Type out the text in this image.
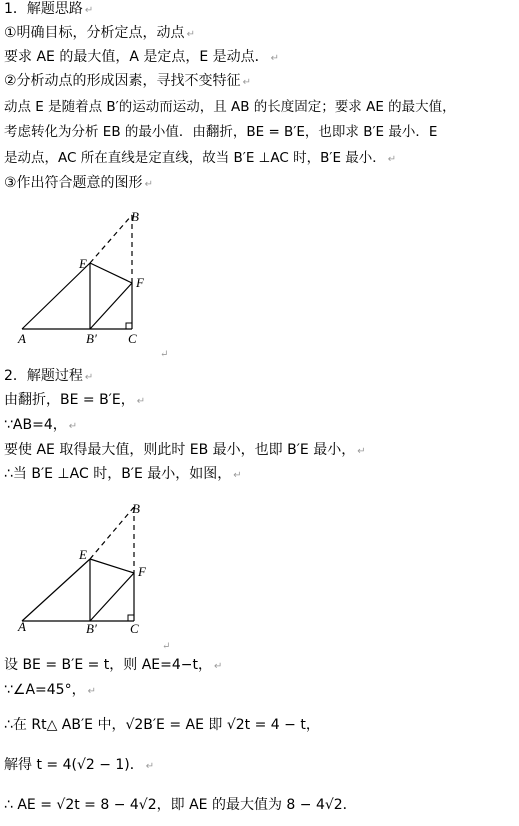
1．解题思路 ↵
①明确目标，分析定点，动点 ↵
要求 AE 的最大值，A 是定点，E 是动点． ↵
②分析动点的形成因素，寻找不变特征 ↵
动点 E 是随着点 B′的运动而运动，且 AB 的长度固定；要求 AE 的最大值，
考虑转化为分析 EB 的最小值．由翻折，BE = B′E，也即求 B′E 最小．E
是动点，AC 所在直线是定直线，故当 B′E ⊥AC 时，B′E 最小． ↵
③作出符合题意的图形 ↵
B
E
F
A	B′ C
↵
2．解题过程 ↵
由翻折，BE = B′E， ↵
∵AB=4， ↵
要使 AE 取得最大值，则此时 EB 最小，也即 B′E 最小， ↵
∴当 B′E ⊥AC 时，B′E 最小，如图， ↵
B
E
F
A	B′	C
↵
设 BE = B′E = t，则 AE=4−t， ↵
∵∠A=45°， ↵
∴在 Rt△ AB′E 中，√2B′E = AE 即 √2t = 4 − t，
解得 t = 4(√2 − 1)． ↵
∴ AE = √2t = 8 − 4√2，即 AE 的最大值为 8 − 4√2．
